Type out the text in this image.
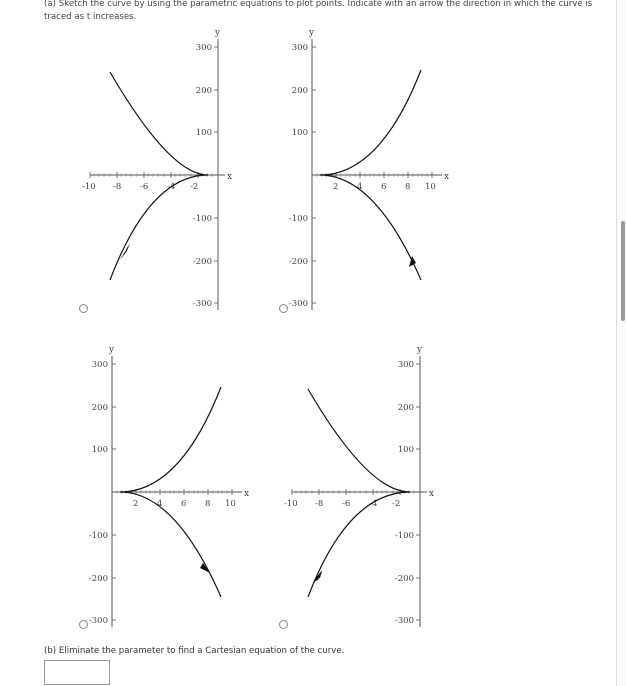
(a) Sketch the curve by using the parametric equations to plot points. Indicate with an arrow the direction in which the curve is traced as t increases.
y
x
-10 -8 -6 -4 -2
300
200
100
-100
-200
-300
y
x
2 4 6 8 10
300
200
100
-100
-200
-300
y
x
2 4 6 8 10
300
200
100
-100
-200
-300
y
x
-10 -8 -6 -4 -2
300
200
100
-100
-200
-300
(b) Eliminate the parameter to find a Cartesian equation of the curve.
